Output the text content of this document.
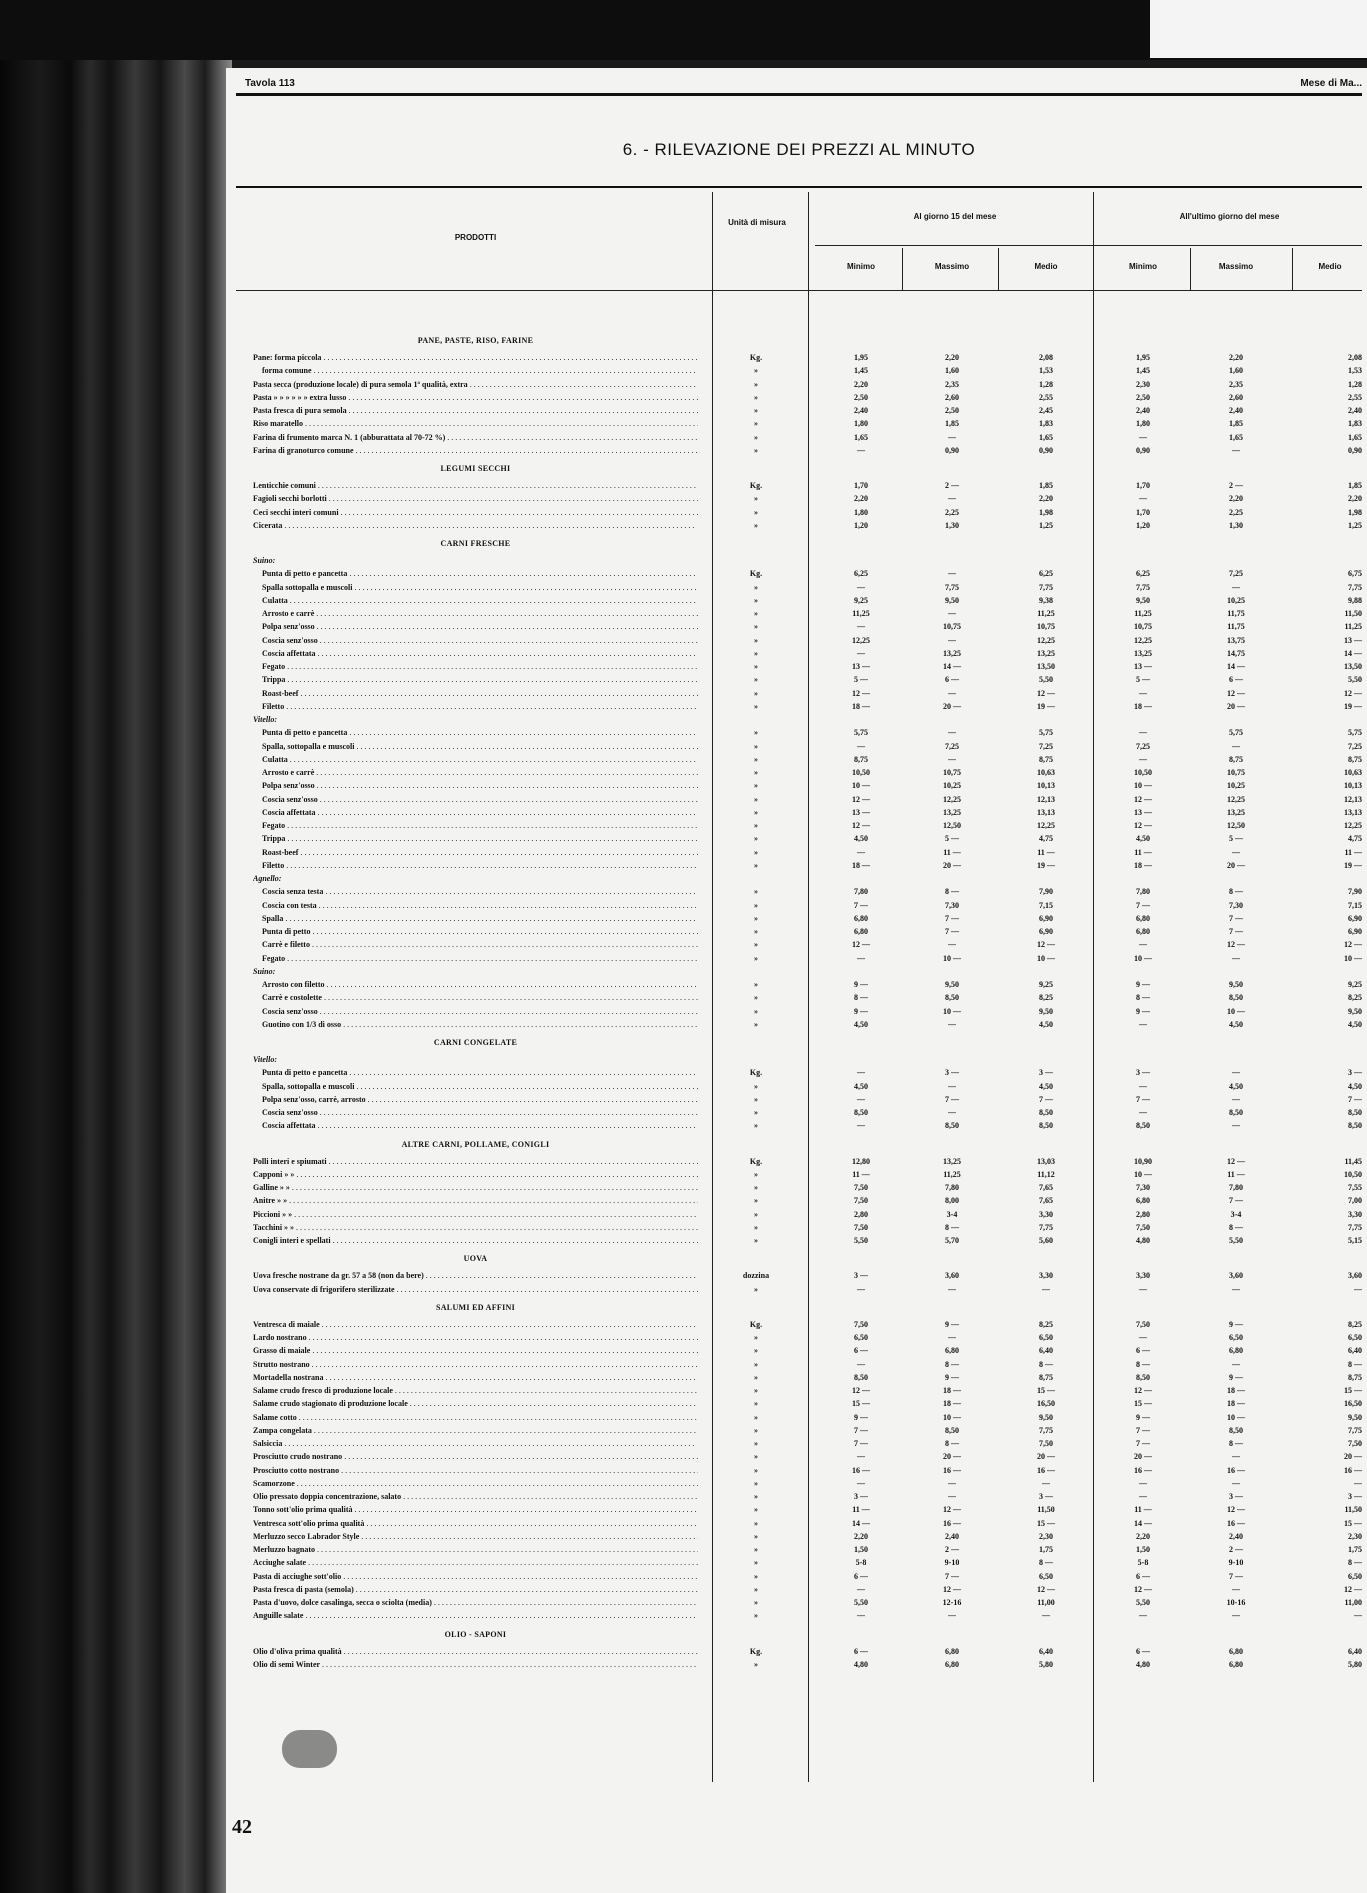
Tavola 113	Mese di Ma...
6. - RILEVAZIONE DEI PREZZI AL MINUTO
PRODOTTI
Unità di misura
Al giorno 15 del mese	All'ultimo giorno del mese
Minimo	Massimo	Medio	Minimo	Massimo	Medio
PANE, PASTE, RISO, FARINE
Pane: forma piccola . . .	Kg.	1,95	2,20	2,08	1,95	2,20	2,08
forma comune . . .	»	1,45	1,60	1,53	1,45	1,60	1,53
Pasta secca (produzione locale) di pura semola 1ª qualità, extra . . .	»	2,20	2,35	1,28	2,30	2,35	1,28
Pasta » » » » » » extra lusso . . .	»	2,50	2,60	2,55	2,50	2,60	2,55
Pasta fresca di pura semola . . .	»	2,40	2,50	2,45	2,40	2,40	2,40
Riso maratello . . .	»	1,80	1,85	1,83	1,80	1,85	1,83
Farina di frumento marca N. 1 (abburattata al 70-72 %) . . .	»	1,65	—	1,65	—	1,65	1,65
Farina di granoturco comune . . .	»	—	0,90	0,90	0,90	—	0,90
LEGUMI SECCHI
Lenticchie comuni . . .	Kg.	1,70	2 —	1,85	1,70	2 —	1,85
Fagioli secchi borlotti . . .	»	2,20	—	2,20	—	2,20	2,20
Ceci secchi interi comuni . . .	»	1,80	2,25	1,98	1,70	2,25	1,98
Cicerata . . .	»	1,20	1,30	1,25	1,20	1,30	1,25
CARNI FRESCHE
Suino:
Punta di petto e pancetta . . .	Kg.	6,25	—	6,25	6,25	7,25	6,75
Spalla sottopalla e muscoli . . .	»	—	7,75	7,75	7,75	—	7,75
Culatta . . .	»	9,25	9,50	9,38	9,50	10,25	9,88
Arrosto e carrè . . .	»	11,25	—	11,25	11,25	11,75	11,50
Polpa senz'osso . . .	»	—	10,75	10,75	10,75	11,75	11,25
Coscia senz'osso . . .	»	12,25	—	12,25	12,25	13,75	13 —
Coscia affettata . . .	»	—	13,25	13,25	13,25	14,75	14 —
Fegato . . .	»	13 —	14 —	13,50	13 —	14 —	13,50
Trippa . . .	»	5 —	6 —	5,50	5 —	6 —	5,50
Roast-beef . . .	»	12 —	—	12 —	—	12 —	12 —
Filetto . . .	»	18 —	20 —	19 —	18 —	20 —	19 —
Vitello:
Punta di petto e pancetta . . .	»	5,75	—	5,75	—	5,75	5,75
Spalla, sottopalla e muscoli . . .	»	—	7,25	7,25	7,25	—	7,25
Culatta . . .	»	8,75	—	8,75	—	8,75	8,75
Arrosto e carrè . . .	»	10,50	10,75	10,63	10,50	10,75	10,63
Polpa senz'osso . . .	»	10 —	10,25	10,13	10 —	10,25	10,13
Coscia senz'osso . . .	»	12 —	12,25	12,13	12 —	12,25	12,13
Coscia affettata . . .	»	13 —	13,25	13,13	13 —	13,25	13,13
Fegato . . .	»	12 —	12,50	12,25	12 —	12,50	12,25
Trippa . . .	»	4,50	5 —	4,75	4,50	5 —	4,75
Roast-beef . . .	»	—	11 —	11 —	11 —	—	11 —
Filetto . . .	»	18 —	20 —	19 —	18 —	20 —	19 —
Agnello:
Coscia senza testa . . .	»	7,80	8 —	7,90	7,80	8 —	7,90
Coscia con testa . . .	»	7 —	7,30	7,15	7 —	7,30	7,15
Spalla . . .	»	6,80	7 —	6,90	6,80	7 —	6,90
Punta di petto . . .	»	6,80	7 —	6,90	6,80	7 —	6,90
Carrè e filetto . . .	»	12 —	—	12 —	—	12 —	12 —
Fegato . . .	»	—	10 —	10 —	10 —	—	10 —
Suino:
Arrosto con filetto . . .	»	9 —	9,50	9,25	9 —	9,50	9,25
Carrè e costolette . . .	»	8 —	8,50	8,25	8 —	8,50	8,25
Coscia senz'osso . . .	»	9 —	10 —	9,50	9 —	10 —	9,50
Guotino con 1/3 di osso . . .	»	4,50	—	4,50	—	4,50	4,50
CARNI CONGELATE
Vitello:
Punta di petto e pancetta . . .	Kg.	—	3 —	3 —	3 —	—	3 —
Spalla, sottopalla e muscoli . . .	»	4,50	—	4,50	—	4,50	4,50
Polpa senz'osso, carrè, arrosto . . .	»	—	7 —	7 —	7 —	—	7 —
Coscia senz'osso . . .	»	8,50	—	8,50	—	8,50	8,50
Coscia affettata . . .	»	—	8,50	8,50	8,50	—	8,50
ALTRE CARNI, POLLAME, CONIGLI
Polli interi e spiumati . . .	Kg.	12,80	13,25	13,03	10,90	12 —	11,45
Capponi » » . . .	»	11 —	11,25	11,12	10 —	11 —	10,50
Galline » » . . .	»	7,50	7,80	7,65	7,30	7,80	7,55
Anitre » » . . .	»	7,50	8,00	7,65	6,80	7 —	7,00
Piccioni » » . . .	»	2,80	3-4	3,30	2,80	3-4	3,30
Tacchini » » . . .	»	7,50	8 —	7,75	7,50	8 —	7,75
Conigli interi e spellati . . .	»	5,50	5,70	5,60	4,80	5,50	5,15
UOVA
Uova fresche nostrane da gr. 57 a 58 (non da bere) . . .	dozzina	3 —	3,60	3,30	3,30	3,60	3,60
Uova conservate di frigorifero sterilizzate . . .	»	—	—	—	—	—	—
SALUMI ED AFFINI
Ventresca di maiale . . .	Kg.	7,50	9 —	8,25	7,50	9 —	8,25
Lardo nostrano . . .	»	6,50	—	6,50	—	6,50	6,50
Grasso di maiale . . .	»	6 —	6,80	6,40	6 —	6,80	6,40
Strutto nostrano . . .	»	—	8 —	8 —	8 —	—	8 —
Mortadella nostrana . . .	»	8,50	9 —	8,75	8,50	9 —	8,75
Salame crudo fresco di produzione locale . . .	»	12 —	18 —	15 —	12 —	18 —	15 —
Salame crudo stagionato di produzione locale . . .	»	15 —	18 —	16,50	15 —	18 —	16,50
Salame cotto . . .	»	9 —	10 —	9,50	9 —	10 —	9,50
Zampa congelata . . .	»	7 —	8,50	7,75	7 —	8,50	7,75
Salsiccia . . .	»	7 —	8 —	7,50	7 —	8 —	7,50
Prosciutto crudo nostrano . . .	»	—	20 —	20 —	20 —	—	20 —
Prosciutto cotto nostrano . . .	»	16 —	16 —	16 —	16 —	16 —	16 —
Scamorzone . . .	»	—	—	—	—	—	—
Olio pressato doppia concentrazione, salato . . .	»	3 —	—	3 —	—	3 —	3 —
Tonno sott'olio prima qualità . . .	»	11 —	12 —	11,50	11 —	12 —	11,50
Ventresca sott'olio prima qualità . . .	»	14 —	16 —	15 —	14 —	16 —	15 —
Merluzzo secco Labrador Style . . .	»	2,20	2,40	2,30	2,20	2,40	2,30
Merluzzo bagnato . . .	»	1,50	2 —	1,75	1,50	2 —	1,75
Acciughe salate . . .	»	5-8	9-10	8 —	5-8	9-10	8 —
Pasta di acciughe sott'olio . . .	»	6 —	7 —	6,50	6 —	7 —	6,50
Pasta fresca di pasta (semola) . . .	»	—	12 —	12 —	12 —	—	12 —
Pasta d'uovo, dolce casalinga, secca o sciolta (media) . . .	»	5,50	12-16	11,00	5,50	10-16	11,00
Anguille salate . . .	»	—	—	—	—	—	—
OLIO - SAPONI
Olio d'oliva prima qualità . . .	Kg.	6 —	6,80	6,40	6 —	6,80	6,40
Olio di semi Winter . . .	»	4,80	6,80	5,80	4,80	6,80	5,80
42
